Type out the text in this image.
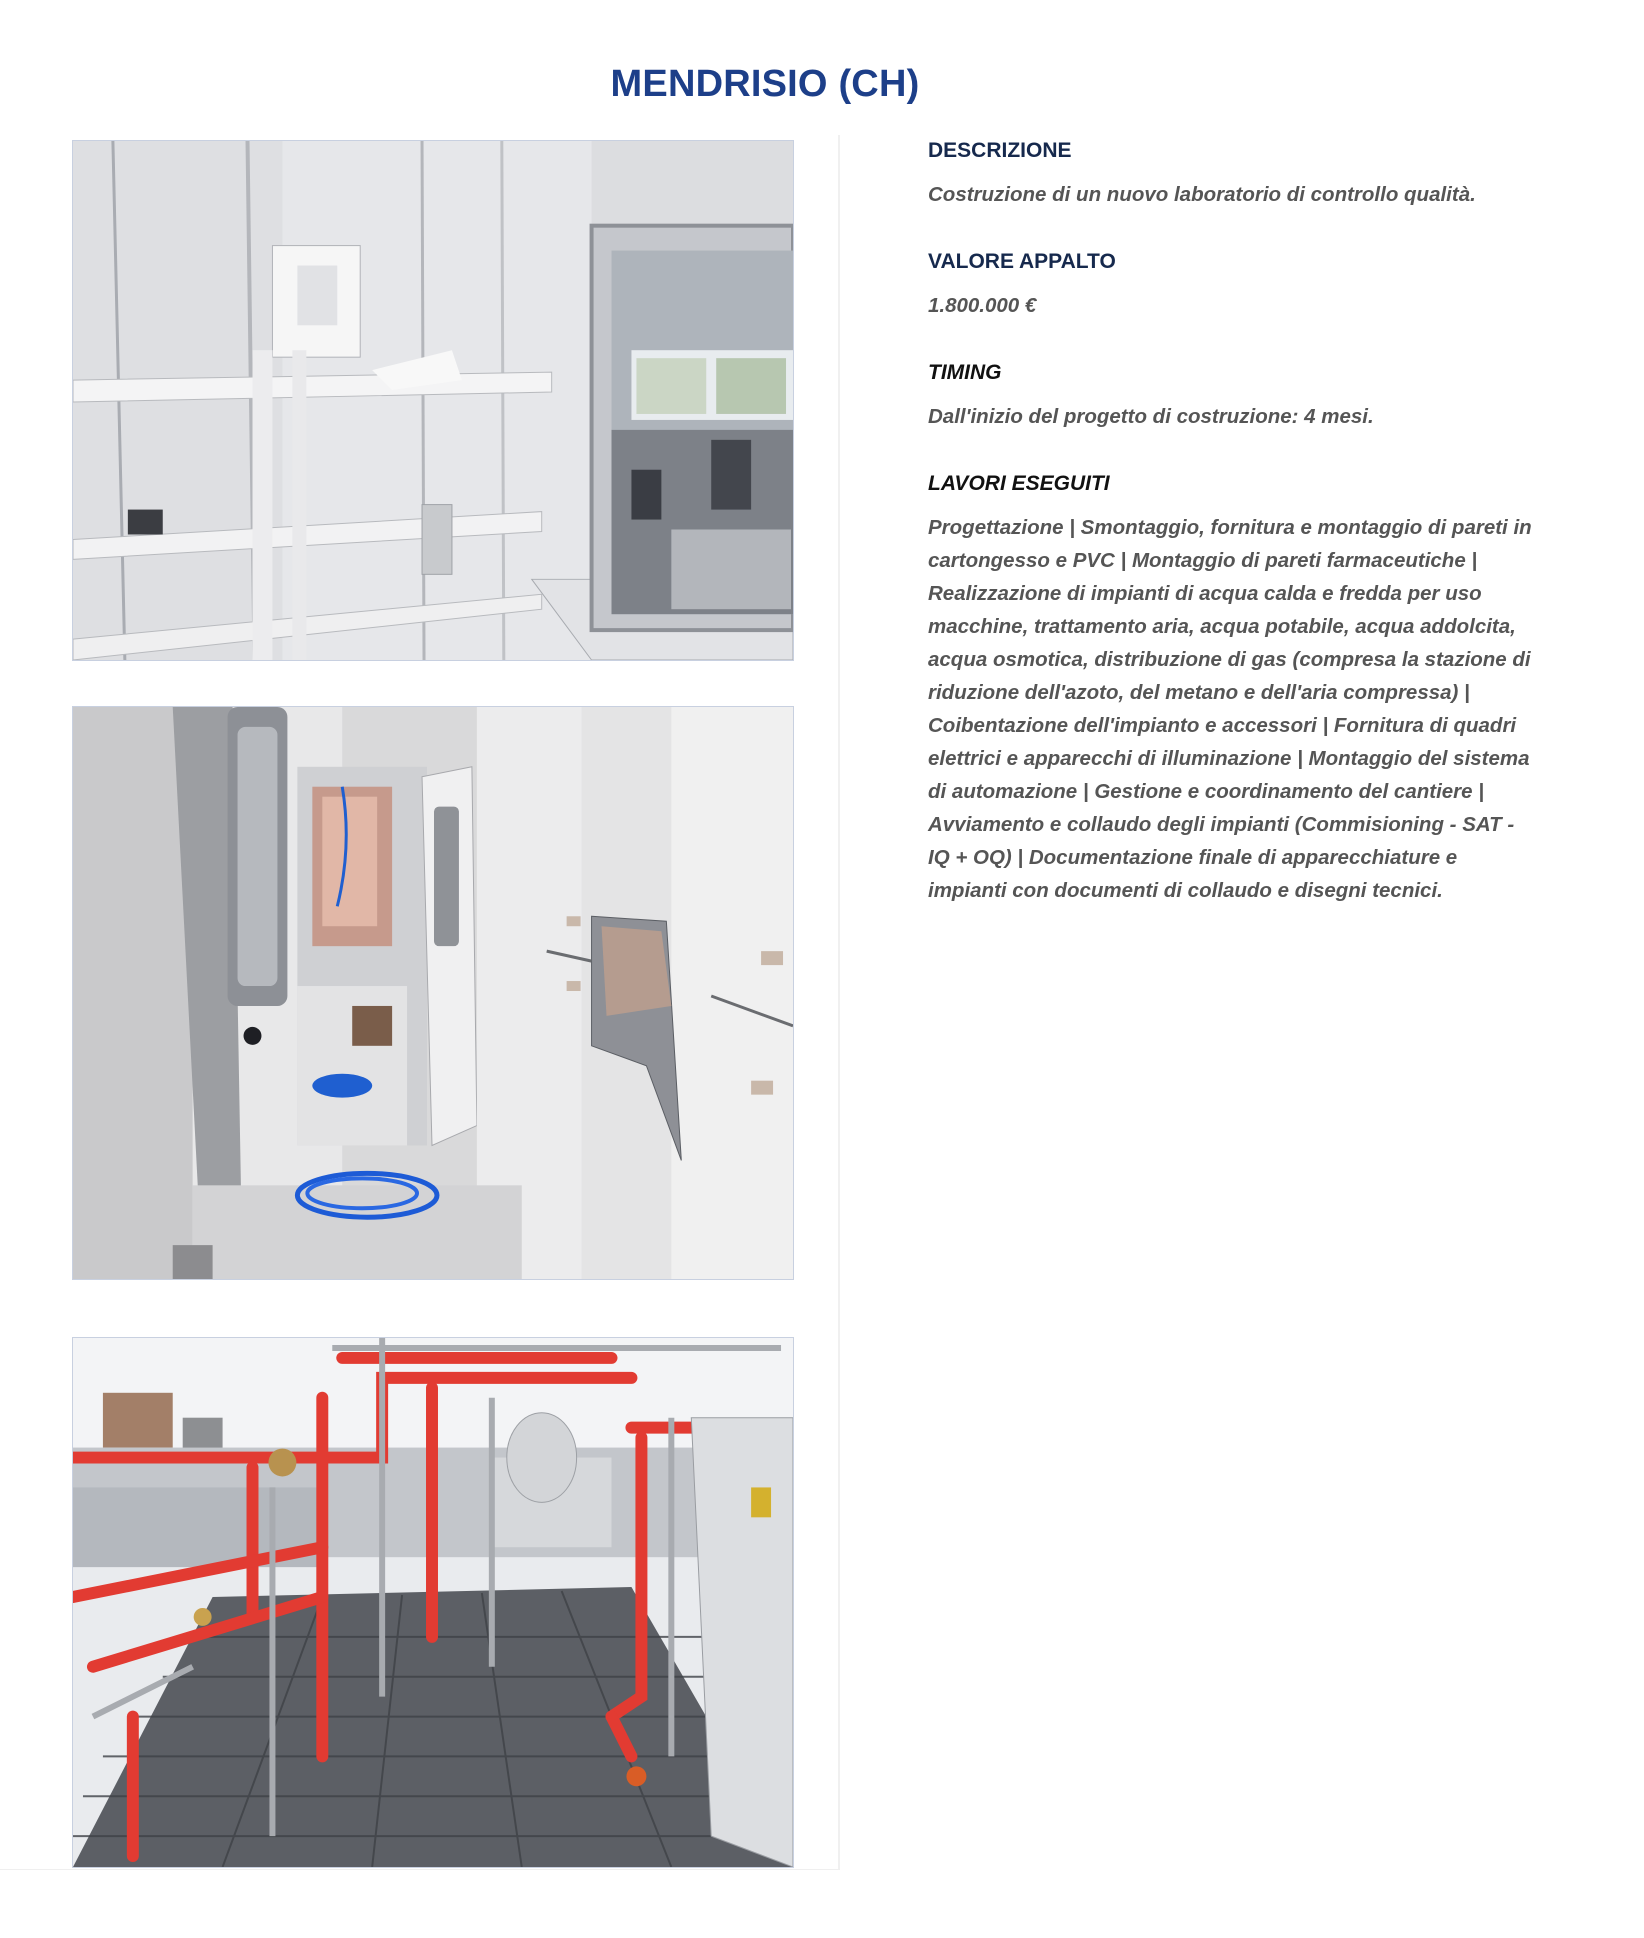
MENDRISIO (CH)
DESCRIZIONE

Costruzione di un nuovo laboratorio di controllo qualità.

VALORE APPALTO

1.800.000 €

TIMING

Dall'inizio del progetto di costruzione: 4 mesi.

LAVORI ESEGUITI

Progettazione | Smontaggio, fornitura e montaggio di pareti in
cartongesso e PVC | Montaggio di pareti farmaceutiche |
Realizzazione di impianti di acqua calda e fredda per uso
macchine, trattamento aria, acqua potabile, acqua addolcita,
acqua osmotica, distribuzione di gas (compresa la stazione di
riduzione dell'azoto, del metano e dell'aria compressa) |
Coibentazione dell'impianto e accessori | Fornitura di quadri
elettrici e apparecchi di illuminazione | Montaggio del sistema
di automazione | Gestione e coordinamento del cantiere |
Avviamento e collaudo degli impianti (Commisioning - SAT -
IQ + OQ) | Documentazione finale di apparecchiature e
impianti con documenti di collaudo e disegni tecnici.
